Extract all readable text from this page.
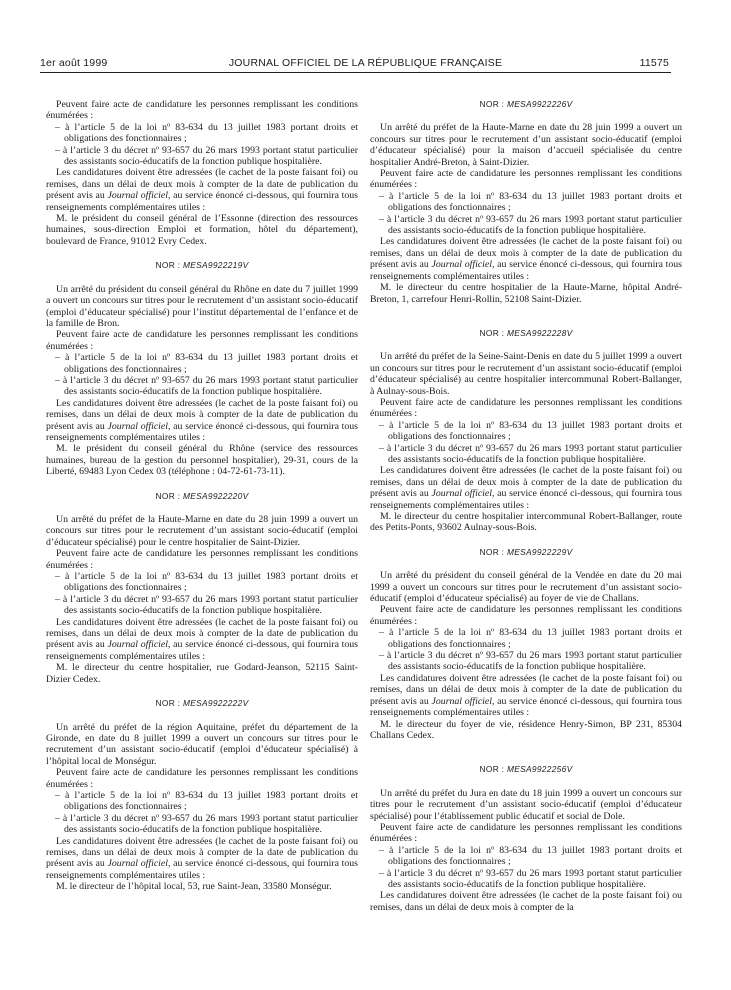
1er août 1999	JOURNAL OFFICIEL DE LA RÉPUBLIQUE FRANÇAISE	11575

Peuvent faire acte de candidature les personnes remplissant les conditions énumérées :

– à l’article 5 de la loi nº 83-634 du 13 juillet 1983 portant droits et obligations des fonctionnaires ;
– à l’article 3 du décret nº 93-657 du 26 mars 1993 portant statut particulier des assistants socio-éducatifs de la fonction publique hospitalière.

Les candidatures doivent être adressées (le cachet de la poste faisant foi) ou remises, dans un délai de deux mois à compter de la date de publication du présent avis au Journal officiel, au service énoncé ci-dessous, qui fournira tous renseignements complémentaires utiles :

M. le président du conseil général de l’Essonne (direction des ressources humaines, sous-direction Emploi et formation, hôtel du département), boulevard de France, 91012 Evry Cedex.

NOR : MESA9922219V

Un arrêté du président du conseil général du Rhône en date du 7 juillet 1999 a ouvert un concours sur titres pour le recrutement d’un assistant socio-éducatif (emploi d’éducateur spécialisé) pour l’institut départemental de l’enfance et de la famille de Bron.

Peuvent faire acte de candidature les personnes remplissant les conditions énumérées :

– à l’article 5 de la loi nº 83-634 du 13 juillet 1983 portant droits et obligations des fonctionnaires ;
– à l’article 3 du décret nº 93-657 du 26 mars 1993 portant statut particulier des assistants socio-éducatifs de la fonction publique hospitalière.

Les candidatures doivent être adressées (le cachet de la poste faisant foi) ou remises, dans un délai de deux mois à compter de la date de publication du présent avis au Journal officiel, au service énoncé ci-dessous, qui fournira tous renseignements complémentaires utiles :

M. le président du conseil général du Rhône (service des ressources humaines, bureau de la gestion du personnel hospitalier), 29-31, cours de la Liberté, 69483 Lyon Cedex 03 (téléphone : 04-72-61-73-11).

NOR : MESA9922220V

Un arrêté du préfet de la Haute-Marne en date du 28 juin 1999 a ouvert un concours sur titres pour le recrutement d’un assistant socio-éducatif (emploi d’éducateur spécialisé) pour le centre hospitalier de Saint-Dizier.

Peuvent faire acte de candidature les personnes remplissant les conditions énumérées :

– à l’article 5 de la loi nº 83-634 du 13 juillet 1983 portant droits et obligations des fonctionnaires ;
– à l’article 3 du décret nº 93-657 du 26 mars 1993 portant statut particulier des assistants socio-éducatifs de la fonction publique hospitalière.

Les candidatures doivent être adressées (le cachet de la poste faisant foi) ou remises, dans un délai de deux mois à compter de la date de publication du présent avis au Journal officiel, au service énoncé ci-dessous, qui fournira tous renseignements complémentaires utiles :

M. le directeur du centre hospitalier, rue Godard-Jeanson, 52115 Saint-Dizier Cedex.

NOR : MESA9922222V

Un arrêté du préfet de la région Aquitaine, préfet du département de la Gironde, en date du 8 juillet 1999 a ouvert un concours sur titres pour le recrutement d’un assistant socio-éducatif (emploi d’éducateur spécialisé) à l’hôpital local de Monségur.

Peuvent faire acte de candidature les personnes remplissant les conditions énumérées :

– à l’article 5 de la loi nº 83-634 du 13 juillet 1983 portant droits et obligations des fonctionnaires ;
– à l’article 3 du décret nº 93-657 du 26 mars 1993 portant statut particulier des assistants socio-éducatifs de la fonction publique hospitalière.

Les candidatures doivent être adressées (le cachet de la poste faisant foi) ou remises, dans un délai de deux mois à compter de la date de publication du présent avis au Journal officiel, au service énoncé ci-dessous, qui fournira tous renseignements complémentaires utiles :

M. le directeur de l’hôpital local, 53, rue Saint-Jean, 33580 Monségur.

NOR : MESA9922226V

Un arrêté du préfet de la Haute-Marne en date du 28 juin 1999 a ouvert un concours sur titres pour le recrutement d’un assistant socio-éducatif (emploi d’éducateur spécialisé) pour la maison d’accueil spécialisée du centre hospitalier André-Breton, à Saint-Dizier.

Peuvent faire acte de candidature les personnes remplissant les conditions énumérées :

– à l’article 5 de la loi nº 83-634 du 13 juillet 1983 portant droits et obligations des fonctionnaires ;
– à l’article 3 du décret nº 93-657 du 26 mars 1993 portant statut particulier des assistants socio-éducatifs de la fonction publique hospitalière.

Les candidatures doivent être adressées (le cachet de la poste faisant foi) ou remises, dans un délai de deux mois à compter de la date de publication du présent avis au Journal officiel, au service énoncé ci-dessous, qui fournira tous renseignements complémentaires utiles :

M. le directeur du centre hospitalier de la Haute-Marne, hôpital André-Breton, 1, carrefour Henri-Rollin, 52108 Saint-Dizier.

NOR : MESA9922228V

Un arrêté du préfet de la Seine-Saint-Denis en date du 5 juillet 1999 a ouvert un concours sur titres pour le recrutement d’un assistant socio-éducatif (emploi d’éducateur spécialisé) au centre hospitalier intercommunal Robert-Ballanger, à Aulnay-sous-Bois.

Peuvent faire acte de candidature les personnes remplissant les conditions énumérées :

– à l’article 5 de la loi nº 83-634 du 13 juillet 1983 portant droits et obligations des fonctionnaires ;
– à l’article 3 du décret nº 93-657 du 26 mars 1993 portant statut particulier des assistants socio-éducatifs de la fonction publique hospitalière.

Les candidatures doivent être adressées (le cachet de la poste faisant foi) ou remises, dans un délai de deux mois à compter de la date de publication du présent avis au Journal officiel, au service énoncé ci-dessous, qui fournira tous renseignements complémentaires utiles :

M. le directeur du centre hospitalier intercommunal Robert-Ballanger, route des Petits-Ponts, 93602 Aulnay-sous-Bois.

NOR : MESA9922229V

Un arrêté du président du conseil général de la Vendée en date du 20 mai 1999 a ouvert un concours sur titres pour le recrutement d’un assistant socio-éducatif (emploi d’éducateur spécialisé) au foyer de vie de Challans.

Peuvent faire acte de candidature les personnes remplissant les conditions énumérées :

– à l’article 5 de la loi nº 83-634 du 13 juillet 1983 portant droits et obligations des fonctionnaires ;
– à l’article 3 du décret nº 93-657 du 26 mars 1993 portant statut particulier des assistants socio-éducatifs de la fonction publique hospitalière.

Les candidatures doivent être adressées (le cachet de la poste faisant foi) ou remises, dans un délai de deux mois à compter de la date de publication du présent avis au Journal officiel, au service énoncé ci-dessous, qui fournira tous renseignements complémentaires utiles :

M. le directeur du foyer de vie, résidence Henry-Simon, BP 231, 85304 Challans Cedex.

NOR : MESA9922256V

Un arrêté du préfet du Jura en date du 18 juin 1999 a ouvert un concours sur titres pour le recrutement d’un assistant socio-éducatif (emploi d’éducateur spécialisé) pour l’établissement public éducatif et social de Dole.

Peuvent faire acte de candidature les personnes remplissant les conditions énumérées :

– à l’article 5 de la loi nº 83-634 du 13 juillet 1983 portant droits et obligations des fonctionnaires ;
– à l’article 3 du décret nº 93-657 du 26 mars 1993 portant statut particulier des assistants socio-éducatifs de la fonction publique hospitalière.

Les candidatures doivent être adressées (le cachet de la poste faisant foi) ou remises, dans un délai de deux mois à compter de la
